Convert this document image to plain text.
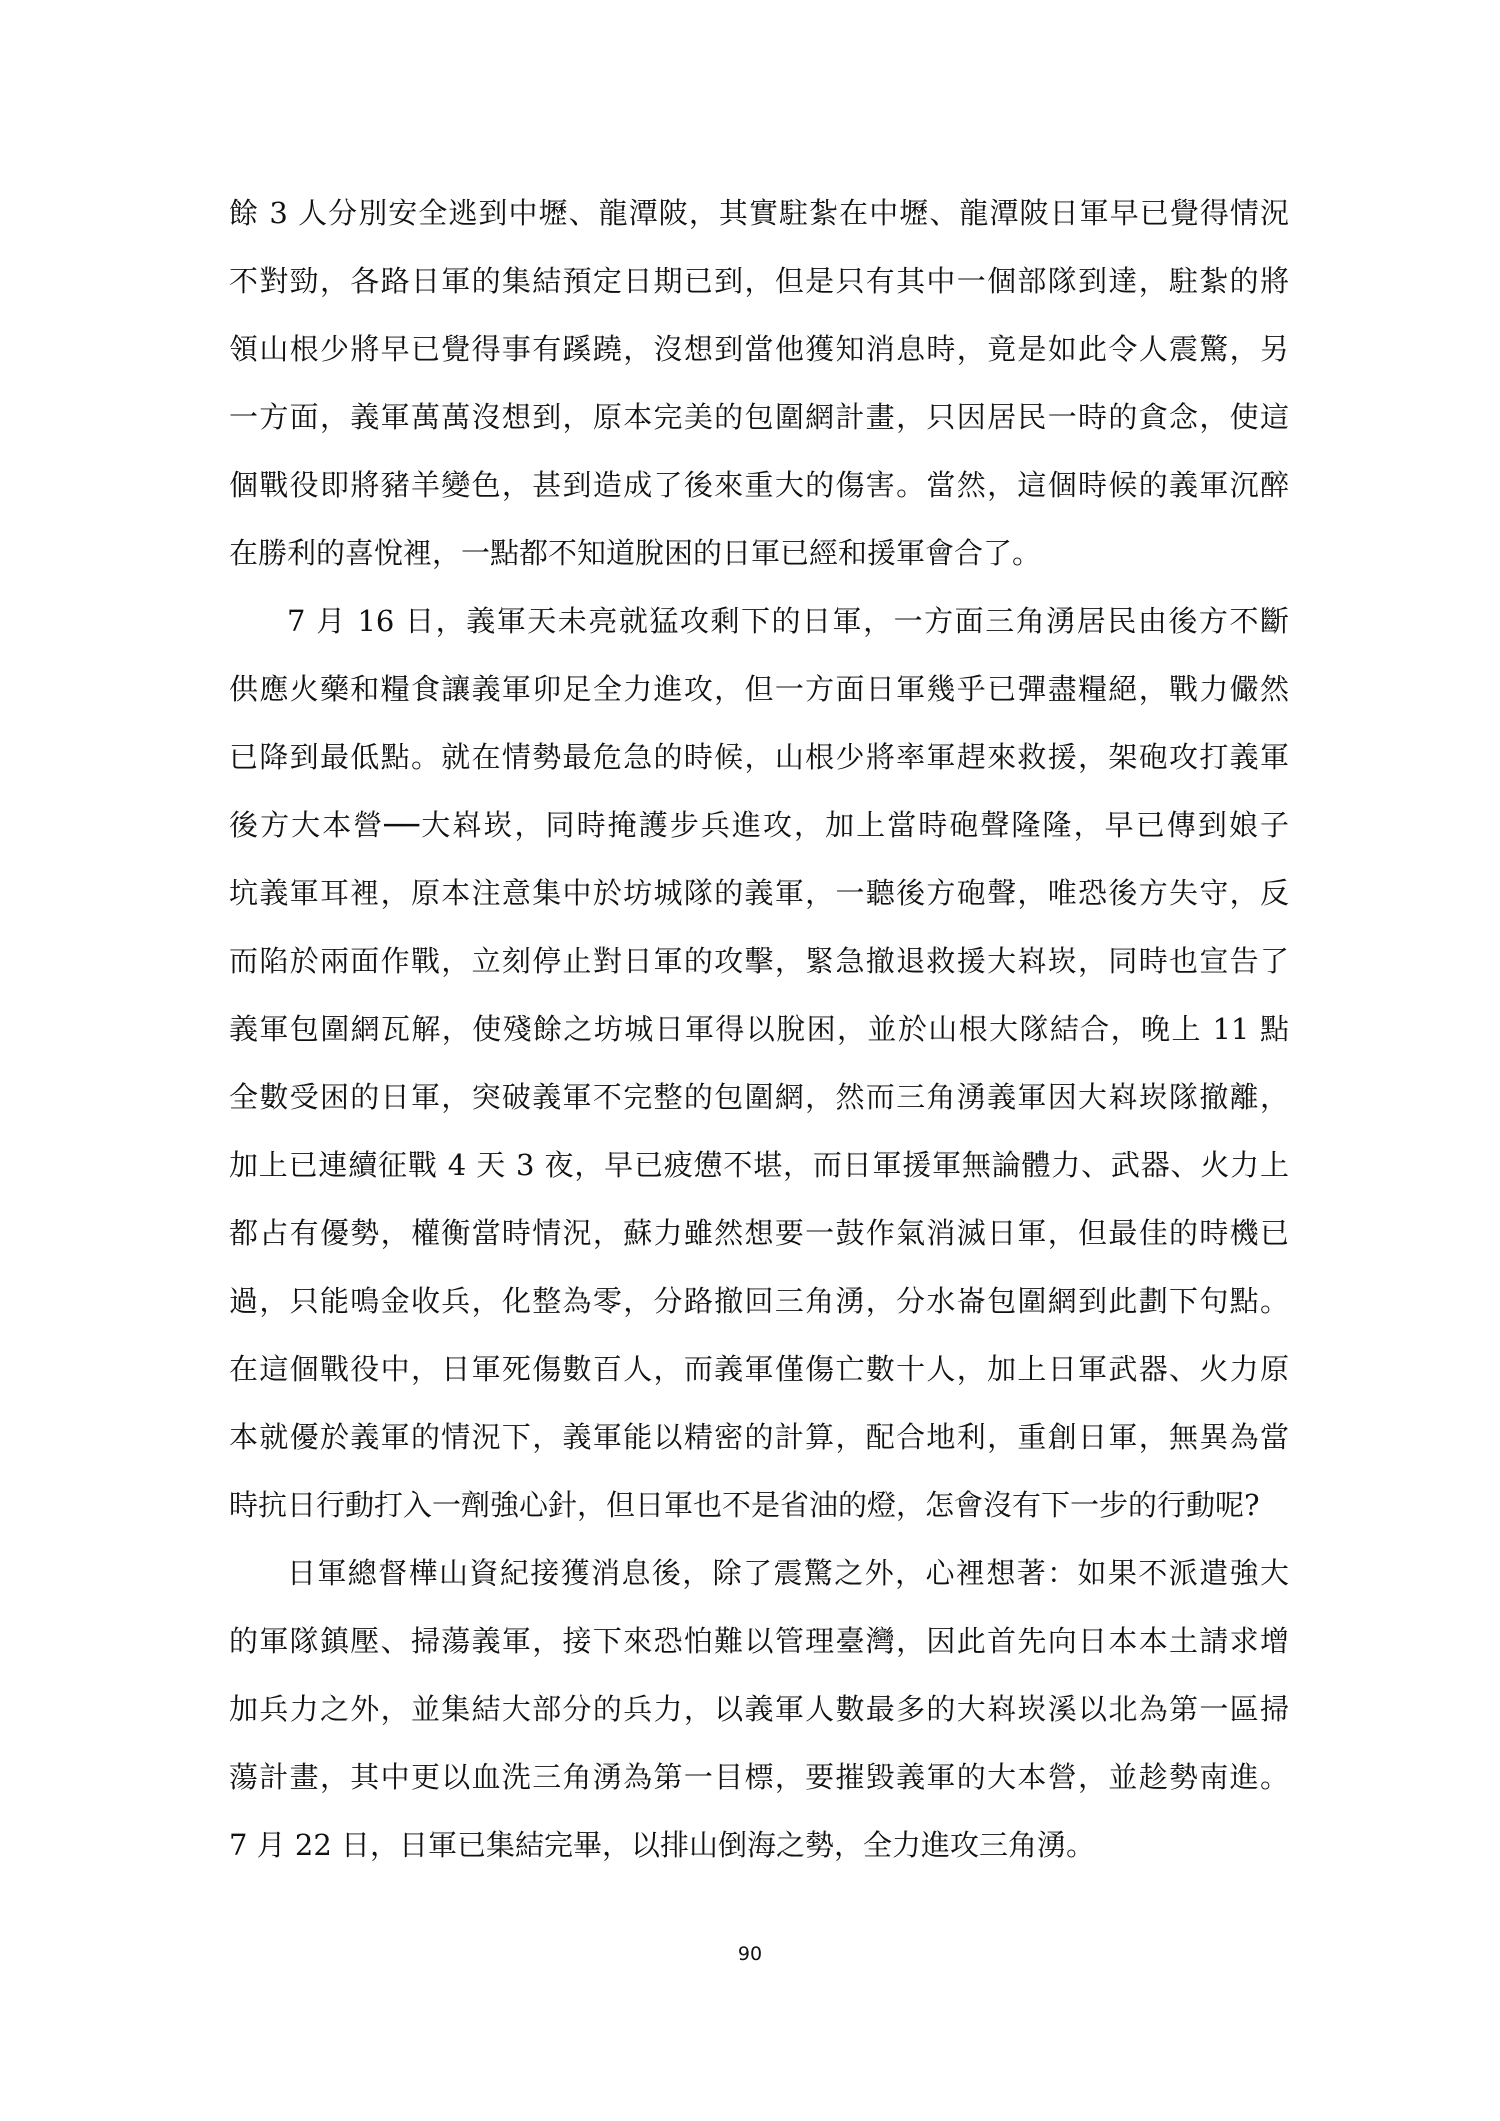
餘 3 人分別安全逃到中壢、龍潭陂，其實駐紮在中壢、龍潭陂日軍早已覺得情況
不對勁，各路日軍的集結預定日期已到，但是只有其中一個部隊到達，駐紮的將
領山根少將早已覺得事有蹊蹺，沒想到當他獲知消息時，竟是如此令人震驚，另
一方面，義軍萬萬沒想到，原本完美的包圍網計畫，只因居民一時的貪念，使這
個戰役即將豬羊變色，甚到造成了後來重大的傷害。當然，這個時候的義軍沉醉
在勝利的喜悅裡，一點都不知道脫困的日軍已經和援軍會合了。
7 月 16 日，義軍天未亮就猛攻剩下的日軍，一方面三角湧居民由後方不斷
供應火藥和糧食讓義軍卯足全力進攻，但一方面日軍幾乎已彈盡糧絕，戰力儼然
已降到最低點。就在情勢最危急的時候，山根少將率軍趕來救援，架砲攻打義軍
後方大本營──大嵙崁，同時掩護步兵進攻，加上當時砲聲隆隆，早已傳到娘子
坑義軍耳裡，原本注意集中於坊城隊的義軍，一聽後方砲聲，唯恐後方失守，反
而陷於兩面作戰，立刻停止對日軍的攻擊，緊急撤退救援大嵙崁，同時也宣告了
義軍包圍網瓦解，使殘餘之坊城日軍得以脫困，並於山根大隊結合，晚上 11 點
全數受困的日軍，突破義軍不完整的包圍網，然而三角湧義軍因大嵙崁隊撤離，
加上已連續征戰 4 天 3 夜，早已疲憊不堪，而日軍援軍無論體力、武器、火力上
都占有優勢，權衡當時情況，蘇力雖然想要一鼓作氣消滅日軍，但最佳的時機已
過，只能鳴金收兵，化整為零，分路撤回三角湧，分水崙包圍網到此劃下句點。
在這個戰役中，日軍死傷數百人，而義軍僅傷亡數十人，加上日軍武器、火力原
本就優於義軍的情況下，義軍能以精密的計算，配合地利，重創日軍，無異為當
時抗日行動打入一劑強心針，但日軍也不是省油的燈，怎會沒有下一步的行動呢?
日軍總督樺山資紀接獲消息後，除了震驚之外，心裡想著：如果不派遣強大
的軍隊鎮壓、掃蕩義軍，接下來恐怕難以管理臺灣，因此首先向日本本土請求增
加兵力之外，並集結大部分的兵力，以義軍人數最多的大嵙崁溪以北為第一區掃
蕩計畫，其中更以血洗三角湧為第一目標，要摧毀義軍的大本營，並趁勢南進。
7 月 22 日，日軍已集結完畢，以排山倒海之勢，全力進攻三角湧。
90
